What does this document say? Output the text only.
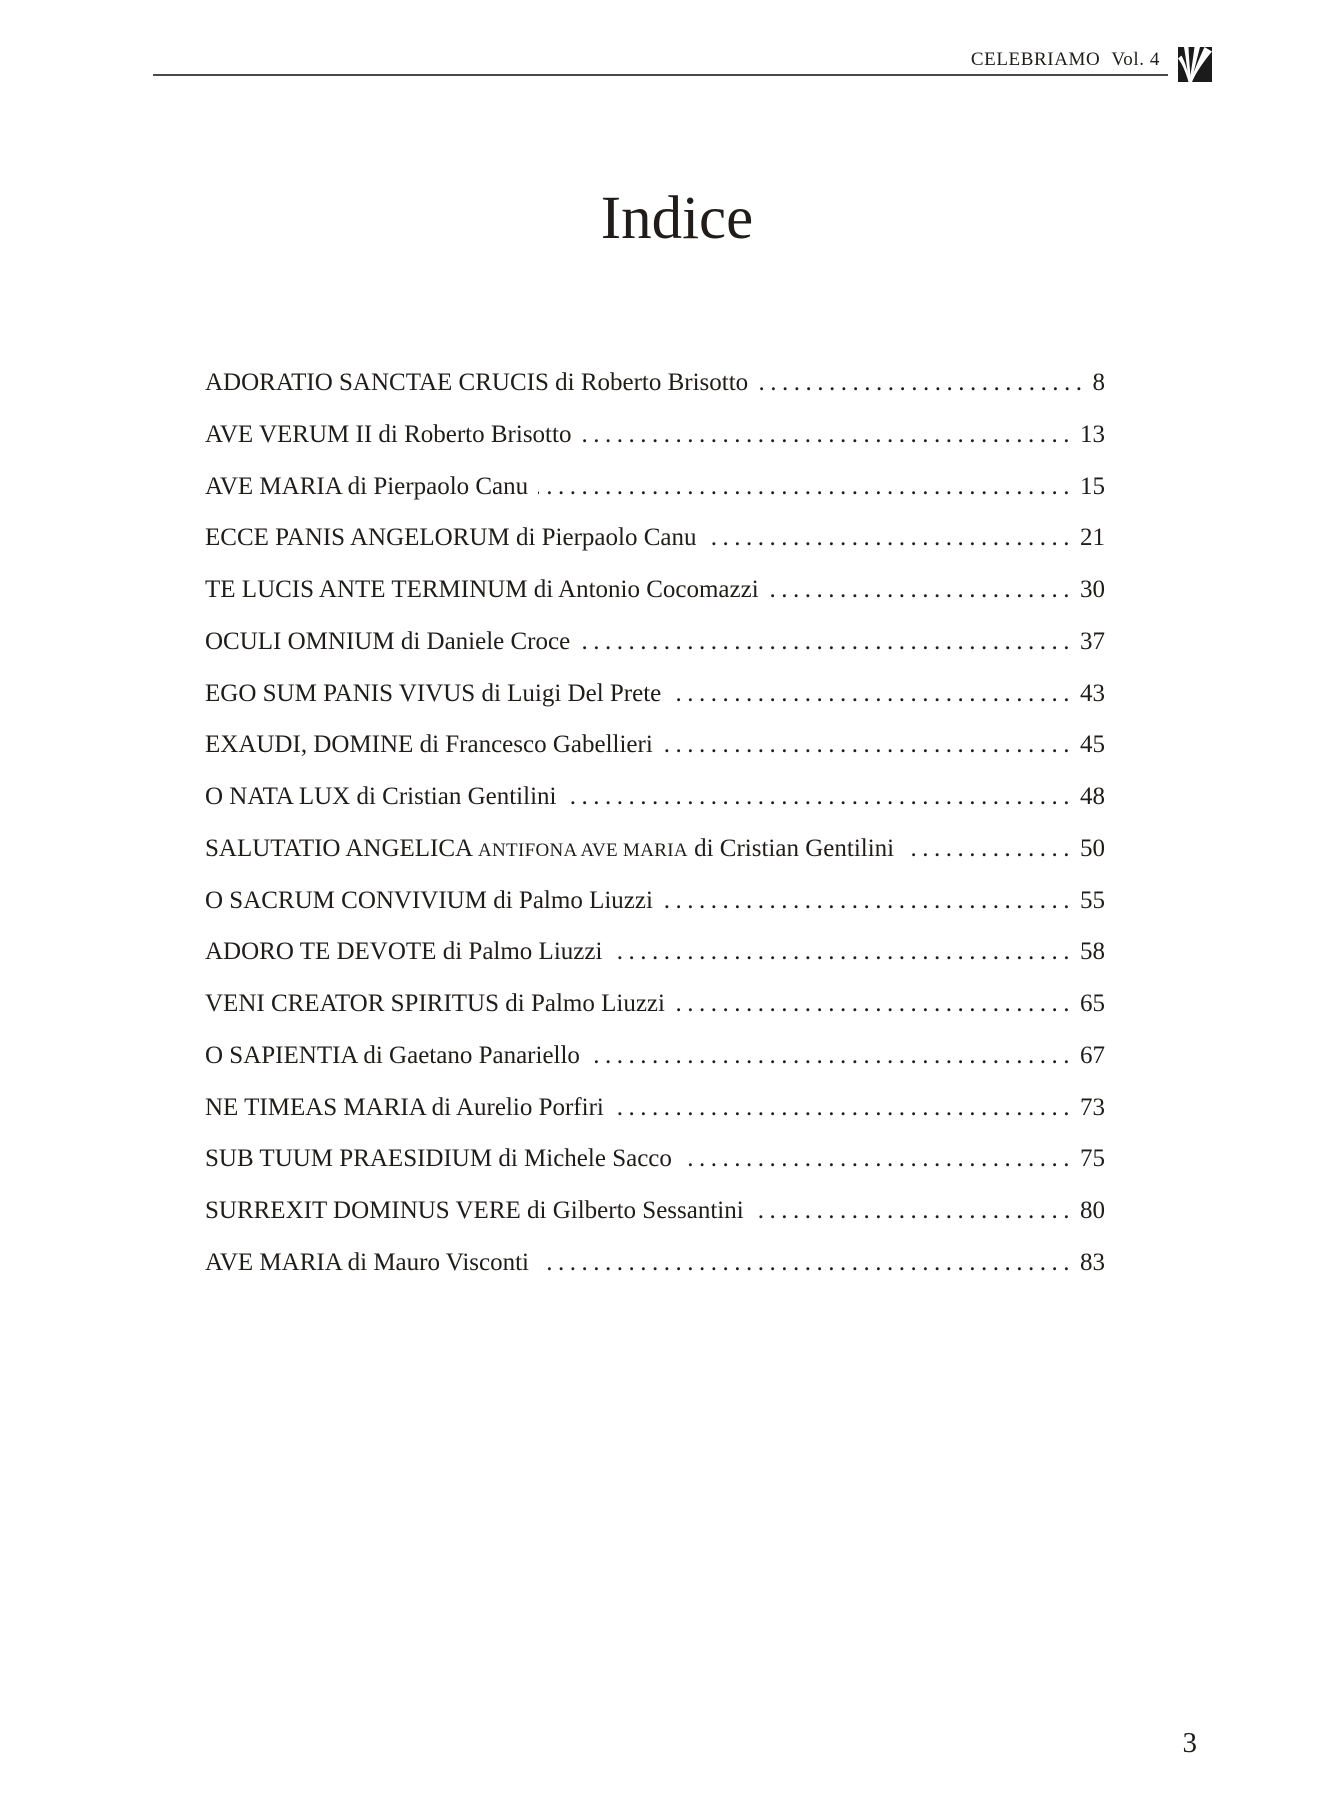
CELEBRIAMO Vol. 4
Indice
ADORATIO SANCTAE CRUCIS di Roberto Brisotto .....	8
AVE VERUM II di Roberto Brisotto .....	13
AVE MARIA di Pierpaolo Canu .....	15
ECCE PANIS ANGELORUM di Pierpaolo Canu .....	21
TE LUCIS ANTE TERMINUM di Antonio Cocomazzi .....	30
OCULI OMNIUM di Daniele Croce .....	37
EGO SUM PANIS VIVUS di Luigi Del Prete .....	43
EXAUDI, DOMINE di Francesco Gabellieri .....	45
O NATA LUX di Cristian Gentilini .....	48
SALUTATIO ANGELICA ANTIFONA AVE MARIA di Cristian Gentilini .....	50
O SACRUM CONVIVIUM di Palmo Liuzzi .....	55
ADORO TE DEVOTE di Palmo Liuzzi .....	58
VENI CREATOR SPIRITUS di Palmo Liuzzi .....	65
O SAPIENTIA di Gaetano Panariello .....	67
NE TIMEAS MARIA di Aurelio Porfiri .....	73
SUB TUUM PRAESIDIUM di Michele Sacco .....	75
SURREXIT DOMINUS VERE di Gilberto Sessantini .....	80
AVE MARIA di Mauro Visconti .....	83
3
